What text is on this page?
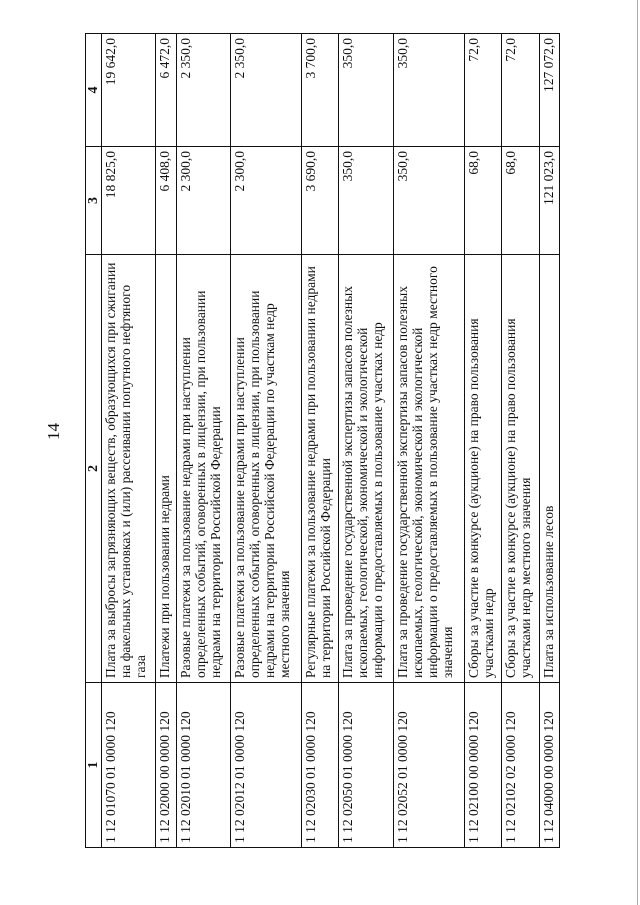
14
1	2	3	4
1 12 01070 01 0000 120	Плата за выбросы загрязняющих веществ, образующихся при сжигании на факельных установках и (или) рассеивании попутного нефтяного газа	18 825,0	19 642,0
1 12 02000 00 0000 120	Платежи при пользовании недрами	6 408,0	6 472,0
1 12 02010 01 0000 120	Разовые платежи за пользование недрами при наступлении определенных событий, оговоренных в лицензии, при пользовании недрами на территории Российской Федерации	2 300,0	2 350,0
1 12 02012 01 0000 120	Разовые платежи за пользование недрами при наступлении определенных событий, оговоренных в лицензии, при пользовании недрами на территории Российской Федерации по участкам недр местного значения	2 300,0	2 350,0
1 12 02030 01 0000 120	Регулярные платежи за пользование недрами при пользовании недрами на территории Российской Федерации	3 690,0	3 700,0
1 12 02050 01 0000 120	Плата за проведение государственной экспертизы запасов полезных ископаемых, геологической, экономической и экологической информации о предоставляемых в пользование участках недр	350,0	350,0
1 12 02052 01 0000 120	Плата за проведение государственной экспертизы запасов полезных ископаемых, геологической, экономической и экологической информации о предоставляемых в пользование участках недр местного значения	350,0	350,0
1 12 02100 00 0000 120	Сборы за участие в конкурсе (аукционе) на право пользования участками недр	68,0	72,0
1 12 02102 02 0000 120	Сборы за участие в конкурсе (аукционе) на право пользования участками недр местного значения	68,0	72,0
1 12 04000 00 0000 120	Плата за использование лесов	121 023,0	127 072,0
